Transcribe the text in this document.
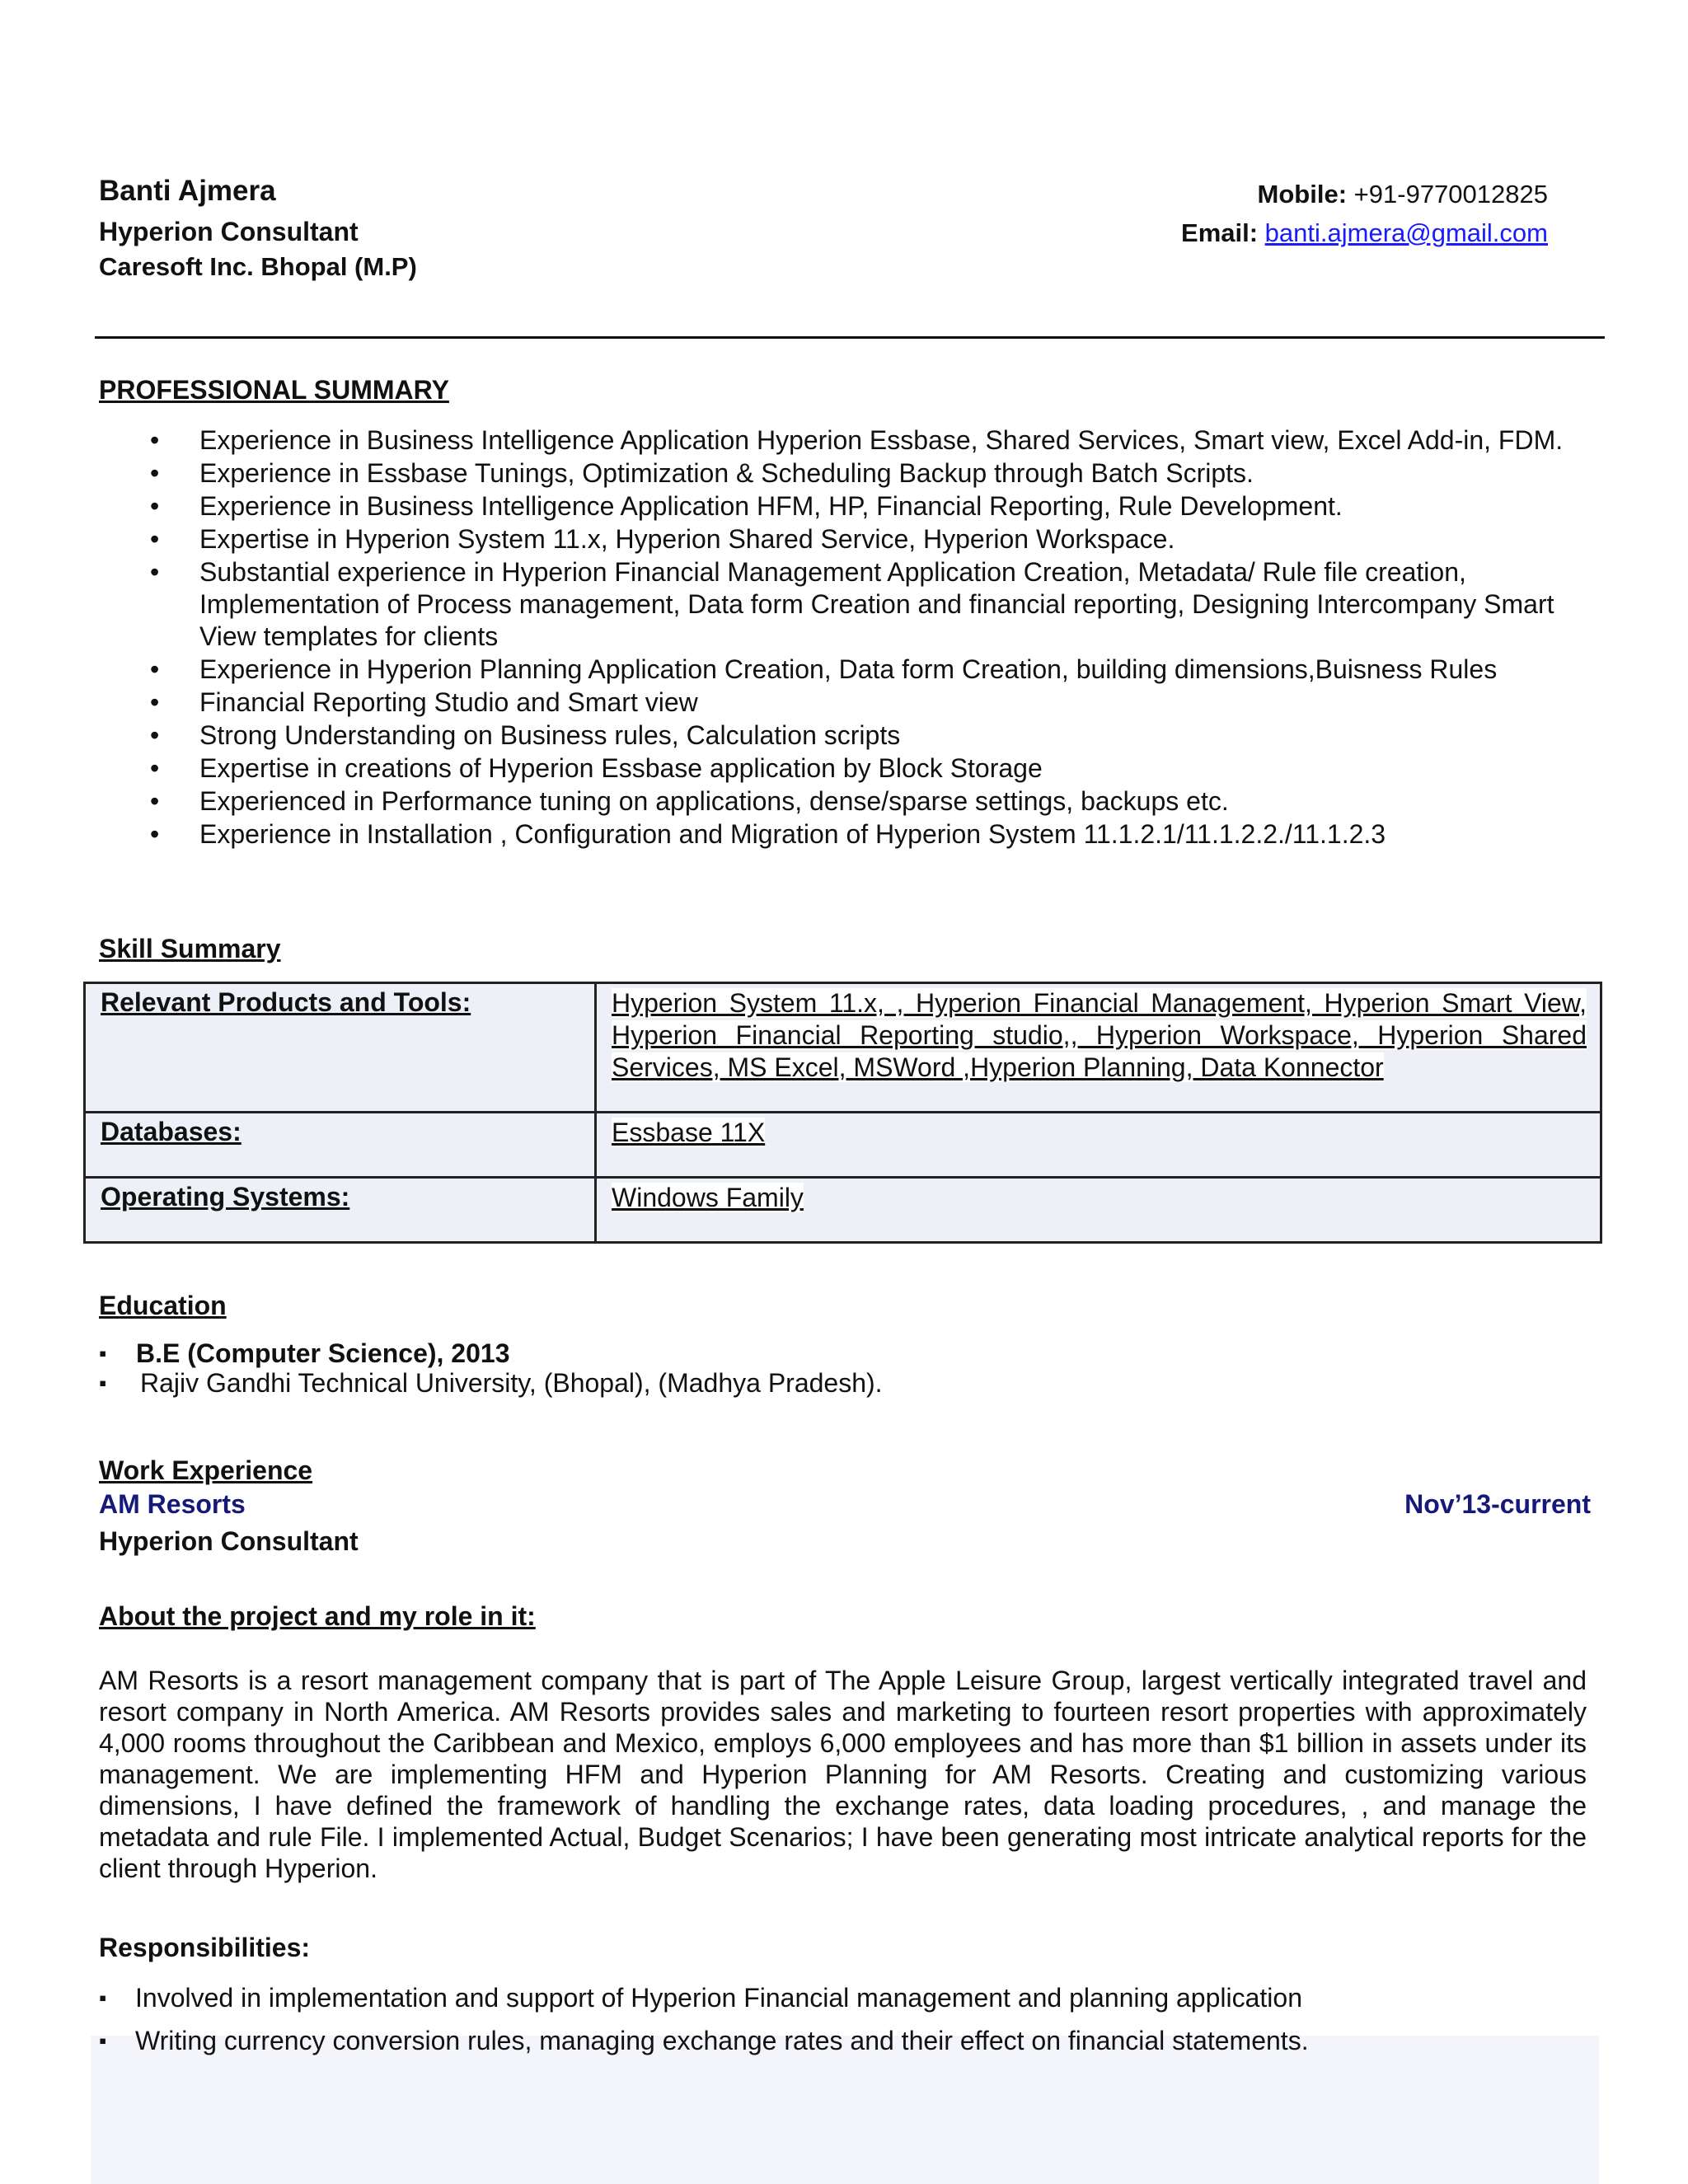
Banti Ajmera
Hyperion Consultant
Caresoft Inc. Bhopal (M.P)
Mobile: +91-9770012825
Email: banti.ajmera@gmail.com
PROFESSIONAL SUMMARY
• Experience in Business Intelligence Application Hyperion Essbase, Shared Services, Smart view, Excel Add-in, FDM.
• Experience in Essbase Tunings, Optimization & Scheduling Backup through Batch Scripts.
• Experience in Business Intelligence Application HFM, HP, Financial Reporting, Rule Development.
• Expertise in Hyperion System 11.x, Hyperion Shared Service, Hyperion Workspace.
• Substantial experience in Hyperion Financial Management Application Creation, Metadata/ Rule file creation, Implementation of Process management, Data form Creation and financial reporting, Designing Intercompany Smart View templates for clients
• Experience in Hyperion Planning Application Creation, Data form Creation, building dimensions,Buisness Rules
• Financial Reporting Studio and Smart view
• Strong Understanding on Business rules, Calculation scripts
• Expertise in creations of Hyperion Essbase application by Block Storage
• Experienced in Performance tuning on applications, dense/sparse settings, backups etc.
• Experience in Installation , Configuration and Migration of Hyperion System 11.1.2.1/11.1.2.2./11.1.2.3
Skill Summary
Relevant Products and Tools:	Hyperion System 11.x, , Hyperion Financial Management, Hyperion Smart View, Hyperion Financial Reporting studio,, Hyperion Workspace, Hyperion Shared Services, MS Excel, MSWord ,Hyperion Planning, Data Konnector
Databases:	Essbase 11X
Operating Systems:	Windows Family
Education
▪ B.E (Computer Science), 2013
▪ Rajiv Gandhi Technical University, (Bhopal), (Madhya Pradesh).
Work Experience
AM Resorts	Nov’13-current
Hyperion Consultant
About the project and my role in it:
AM Resorts is a resort management company that is part of The Apple Leisure Group, largest vertically integrated travel and resort company in North America. AM Resorts provides sales and marketing to fourteen resort properties with approximately 4,000 rooms throughout the Caribbean and Mexico, employs 6,000 employees and has more than $1 billion in assets under its management. We are implementing HFM and Hyperion Planning for AM Resorts. Creating and customizing various dimensions, I have defined the framework of handling the exchange rates, data loading procedures, , and manage the metadata and rule File. I implemented Actual, Budget Scenarios; I have been generating most intricate analytical reports for the client through Hyperion.
Responsibilities:
▪ Involved in implementation and support of Hyperion Financial management and planning application
▪ Writing currency conversion rules, managing exchange rates and their effect on financial statements.
